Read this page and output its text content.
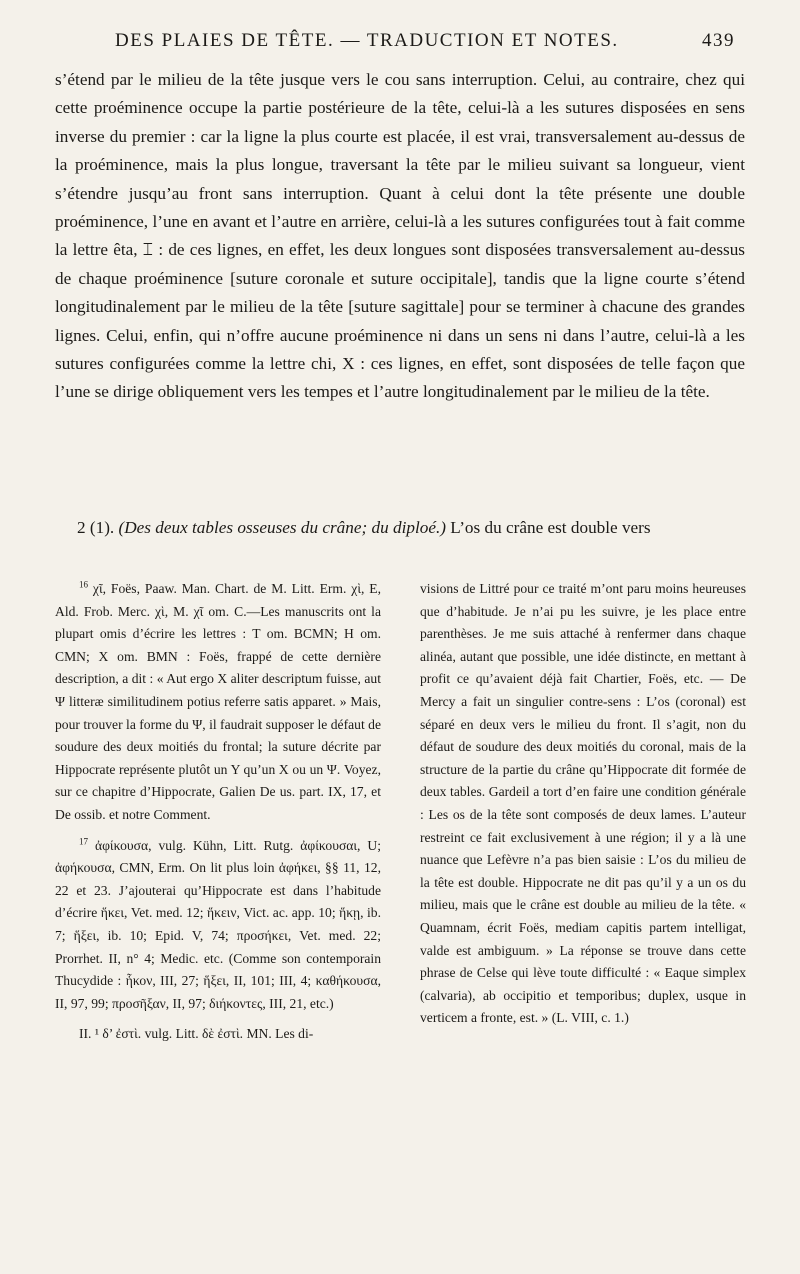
DES PLAIES DE TÊTE. — TRADUCTION ET NOTES.	439

s’étend par le milieu de la tête jusque vers le cou sans interruption. Celui, au contraire, chez qui cette proéminence occupe la partie postérieure de la tête, celui-là a les sutures disposées en sens inverse du premier : car la ligne la plus courte est placée, il est vrai, transversalement au-dessus de la proéminence, mais la plus longue, traversant la tête par le milieu suivant sa longueur, vient s’étendre jusqu’au front sans interruption. Quant à celui dont la tête présente une double proéminence, l’une en avant et l’autre en arrière, celui-là a les sutures configurées tout à fait comme la lettre êta, ⌶ : de ces lignes, en effet, les deux longues sont disposées transversalement au-dessus de chaque proéminence [suture coronale et suture occipitale], tandis que la ligne courte s’étend longitudinalement par le milieu de la tête [suture sagittale] pour se terminer à chacune des grandes lignes. Celui, enfin, qui n’offre aucune proéminence ni dans un sens ni dans l’autre, celui-là a les sutures configurées comme la lettre chi, X : ces lignes, en effet, sont disposées de telle façon que l’une se dirige obliquement vers les tempes et l’autre longitudinalement par le milieu de la tête.

2 (1). (Des deux tables osseuses du crâne; du diploé.) L’os du crâne est double vers

$^{16}$ χῖ, Foës, Paaw. Man. Chart. de M. Litt. Erm. χὶ, E, Ald. Frob. Merc. χὶ, M. χῖ om. C.—Les manuscrits ont la plupart omis d’écrire les lettres : T om. BCMN; H om. CMN; X om. BMN : Foës, frappé de cette dernière description, a dit : « Aut ergo X aliter descriptum fuisse, aut Ψ litteræ similitudinem potius referre satis apparet. » Mais, pour trouver la forme du Ψ, il faudrait supposer le défaut de soudure des deux moitiés du frontal; la suture décrite par Hippocrate représente plutôt un Y qu’un X ou un Ψ. Voyez, sur ce chapitre d’Hippocrate, Galien De us. part. IX, 17, et De ossib. et notre Comment.

$^{17}$ ἀφίκουσα, vulg. Kühn, Litt. Rutg. ἀφίκουσαι, U; ἀφήκουσα, CMN, Erm. On lit plus loin ἀφήκει, §§ 11, 12, 22 et 23. J’ajouterai qu’Hippocrate est dans l’habitude d’écrire ἥκει, Vet. med. 12; ἥκειν, Vict. ac. app. 10; ἥκῃ, ib. 7; ἥξει, ib. 10; Epid. V, 74; προσήκει, Vet. med. 22; Prorrhet. II, n° 4; Medic. etc. (Comme son contemporain Thucydide : ἧκον, III, 27; ἥξει, II, 101; III, 4; καθήκουσα, II, 97, 99; προσῆξαν, II, 97; διήκοντες, III, 21, etc.)

II. ¹ δ’ ἐστὶ. vulg. Litt. δὲ ἐστὶ. MN. Les di-

visions de Littré pour ce traité m’ont paru moins heureuses que d’habitude. Je n’ai pu les suivre, je les place entre parenthèses. Je me suis attaché à renfermer dans chaque alinéa, autant que possible, une idée distincte, en mettant à profit ce qu’avaient déjà fait Chartier, Foës, etc. — De Mercy a fait un singulier contre-sens : L’os (coronal) est séparé en deux vers le milieu du front. Il s’agit, non du défaut de soudure des deux moitiés du coronal, mais de la structure de la partie du crâne qu’Hippocrate dit formée de deux tables. Gardeil a tort d’en faire une condition générale : Les os de la tête sont composés de deux lames. L’auteur restreint ce fait exclusivement à une région; il y a là une nuance que Lefèvre n’a pas bien saisie : L’os du milieu de la tête est double. Hippocrate ne dit pas qu’il y a un os du milieu, mais que le crâne est double au milieu de la tête. « Quamnam, écrit Foës, mediam capitis partem intelligat, valde est ambiguum. » La réponse se trouve dans cette phrase de Celse qui lève toute difficulté : « Eaque simplex (calvaria), ab occipitio et temporibus; duplex, usque in verticem a fronte, est. » (L. VIII, c. 1.)
